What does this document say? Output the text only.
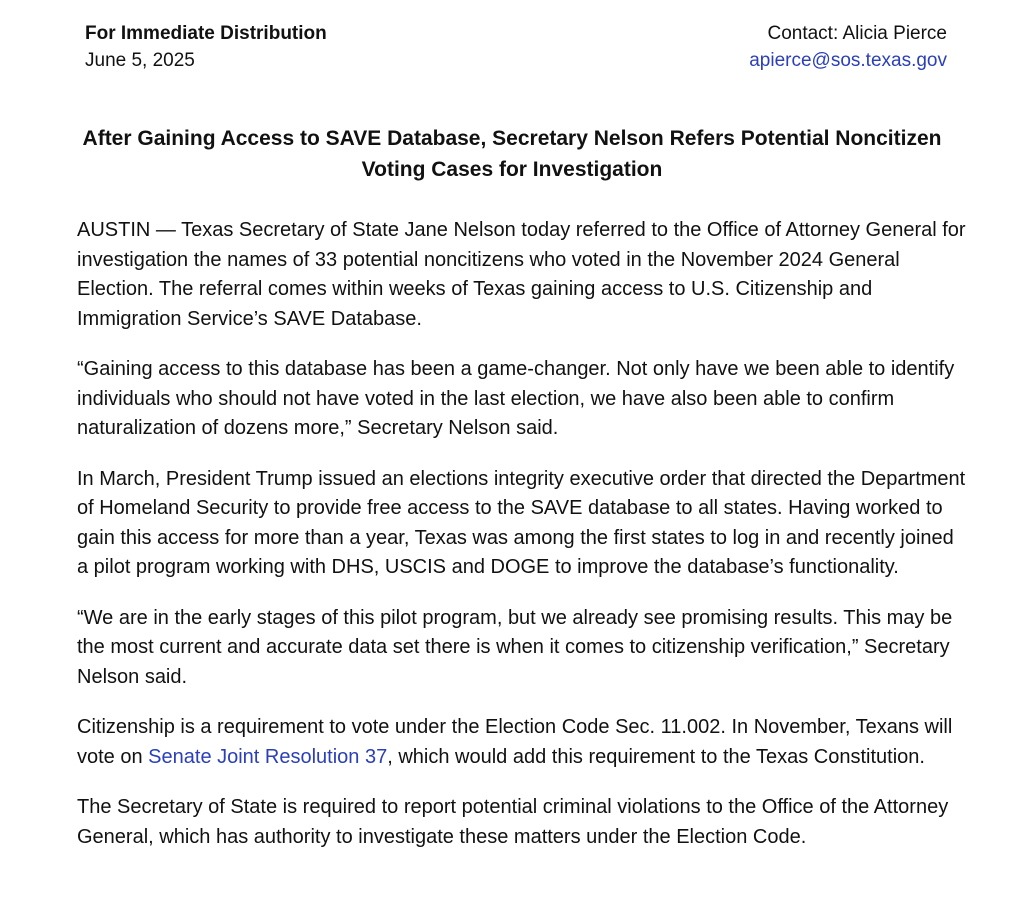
For Immediate Distribution
June 5, 2025
Contact: Alicia Pierce
apierce@sos.texas.gov
After Gaining Access to SAVE Database, Secretary Nelson Refers Potential Noncitizen Voting Cases for Investigation

AUSTIN — Texas Secretary of State Jane Nelson today referred to the Office of Attorney General for investigation the names of 33 potential noncitizens who voted in the November 2024 General Election. The referral comes within weeks of Texas gaining access to U.S. Citizenship and Immigration Service’s SAVE Database.

“Gaining access to this database has been a game-changer. Not only have we been able to identify individuals who should not have voted in the last election, we have also been able to confirm naturalization of dozens more,” Secretary Nelson said.

In March, President Trump issued an elections integrity executive order that directed the Department of Homeland Security to provide free access to the SAVE database to all states. Having worked to gain this access for more than a year, Texas was among the first states to log in and recently joined a pilot program working with DHS, USCIS and DOGE to improve the database’s functionality.

“We are in the early stages of this pilot program, but we already see promising results. This may be the most current and accurate data set there is when it comes to citizenship verification,” Secretary Nelson said.

Citizenship is a requirement to vote under the Election Code Sec. 11.002. In November, Texans will vote on Senate Joint Resolution 37, which would add this requirement to the Texas Constitution.

The Secretary of State is required to report potential criminal violations to the Office of the Attorney General, which has authority to investigate these matters under the Election Code.
